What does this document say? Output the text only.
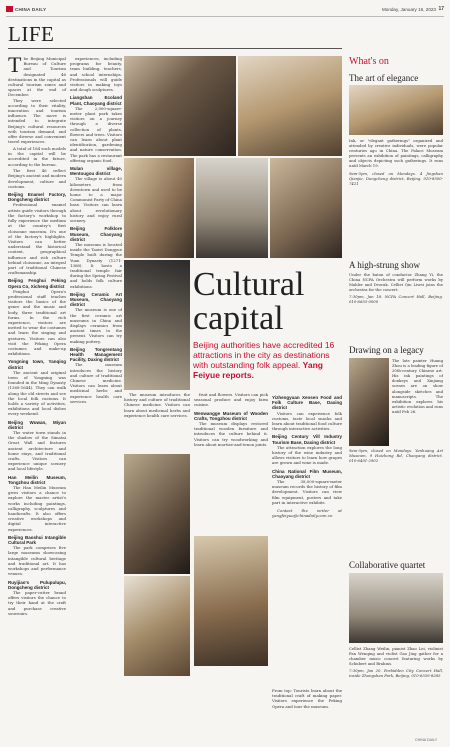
CHINA DAILY	Monday, January 16, 2023 17
LIFE
The Beijing Municipal Bureau of Culture and Tourism designated 46 destinations in the capital as cultural tourism zones and spaces at the end of December.

They were selected according to their vitality, innovation and tourism influence. The move is intended to integrate Beijing's cultural resources with tourism demand, and offer diverse and convenient travel experiences.

A total of 184 such models in the capital will be accredited in the future, according to the bureau.

The first 46 reflect Beijing's ancient and modern development, culture and customs.

Beijing Enamel Factory, Dongcheng district

Professional enamel artists guide visitors through the factory's workshop to fully experience the medium at the country's first cloisonne museum. It's one of the factory's highlights. Visitors can better understand the historical context, geographical influence and rich culture behind cloisonne, an integral part of traditional Chinese craftsmanship.

Beijing Fenghui Peking Opera Co, Xicheng district

Fenghui Opera's professional staff teaches visitors the basics of the genre and the music and body, three traditional art forms. In the rich experience, visitors are invited to wear the costumes and learn the singing and gestures. Visitors can also visit the Peking Opera costumes and make-up exhibitions.

Yongning town, Yanqing district

The ancient and original town of Yongning was founded in the Ming Dynasty (1368-1644). They can walk along the old streets and see the local folk customs. It holds a variety of activities, exhibitions and local dishes every weekend.

Beijing Wuwan, Miyun district

The water town stands in the shadow of the Simatai Great Wall and features ancient architecture and home stays, and traditional crafts. Visitors can experience unique scenery and local lifestyle.

Han Meilin Museum, Tongzhou district

The Han Meilin Museum gives visitors a chance to explore the master artist's works including paintings, calligraphy, sculptures and handicrafts. It also offers creative workshops and digital interactive experiences.

Beijing Baoshui Intangible Cultural Park

The park comprises five large museums showcasing intangible cultural heritage and traditional art. It has workshops and performance venues.

Ruyijiao's Pulupulupu, Dongcheng district

The paper-cutter brand offers visitors the chance to try their hand at the craft and purchase creative souvenirs.

experiences, including programs for beauty, team building, teachers, and school internships. Professionals will guide visitors in making toys and dough sculptures.

Liangshan Ecoland Plant, Chaoyang district

The 2,000-square-meter plant park takes visitors on a journey through a diverse collection of plants, flowers and trees. Visitors can learn about plant identification, gardening and nature conservation. The park has a restaurant offering organic food.

Mulan village, Mentougou district

The village is about 40 kilometers from downtown and used to be home to a major Communist Party of China base. Visitors can learn about revolutionary history and enjoy rural scenery.

Beijing Folklore Museum, Chaoyang district

The museum is located inside the Taoist Dongyue Temple built during the Yuan Dynasty (1271-1368). It hosts a traditional temple fair during the Spring Festival and holds folk culture exhibitions.

Beijing Ceramic Art Museum, Chaoyang district

The museum is one of the first ceramic art museums in China and displays ceramics from ancient times to the present. Visitors can try making pottery.

Beijing Tongrentang Health Management Facility, Daxing district

The museum introduces the history and culture of traditional Chinese medicine. Visitors can learn about medicinal herbs and experience health care services.

Cultural
capital
Beijing authorities have accredited 16 attractions in the city as destinations with outstanding folk appeal. Yang Feiyue reports.

The museum introduces the history and culture of traditional Chinese medicine. Visitors can learn about medicinal herbs and experience health care services.

fruit and flowers. Visitors can pick seasonal produce and enjoy farm cuisine.

Wenwangge Museum of Wooden Crafts, Tongzhou district

The museum displays restored traditional wooden furniture and introduces the culture behind it. Visitors can try woodworking and learn about mortise-and-tenon joints.

Yizhengyuan Xensen Food and Folk Culture Base, Daxing district

Visitors can experience folk customs, taste local snacks and learn about traditional food culture through interactive activities.

Beijing Century Vill Industry Tourism Base, Daxing district

The attraction explores the long history of the wine industry and allows visitors to learn how grapes are grown and wine is made.

China National Film Museum, Chaoyang district

The 38,000-square-meter museum records the history of film development. Visitors can view film equipment, posters and take part in interactive exhibits.

Contact the writer at yangfeiyue@chinadaily.com.cn

From top: Tourists learn about the traditional craft of making paper. Visitors experience the Peking Opera and tour the museum.

What's on
The art of elegance
Ink, or "elegant gatherings" organized and attended by creative individuals, were popular centuries ago in China. The Palace Museum presents an exhibition of paintings, calligraphy and objects depicting such gatherings. It runs until March 19.
9am-5pm, closed on Mondays. 4 Jingshan Qianjie, Dongcheng district, Beijing. 010-8500-7421
A high-strung show
Under the baton of conductor Zhang Yi, the China NCPA Orchestra will perform works by Mahler and Dvorak. Cellist Qin Liwei joins the orchestra for the concert.
7:30pm, Jan 18. NCPA Concert Hall, Beijing. 010-6655-0000
Drawing on a legacy
The late painter Huang Zhou is a leading figure of 20th-century Chinese art. His ink paintings of donkeys and Xinjiang scenes are on show alongside sketches and manuscripts. The exhibition explores his artistic evolution and runs until Feb 26.
9am-5pm, closed on Mondays. Yanhuang Art Museum, 9 Huizhong Rd, Chaoyang district. 010-6491-2902
Collaborative quartet
Cellist Zhang Weilin, pianist Zhao Lei, violinist Fan Wenqing and violist Gao Jing gather for a chamber music concert featuring works by Schubert and Brahms.
7:30pm, Jan 20. Forbidden City Concert Hall, inside Zhongshan Park, Beijing. 010-6559-8285
CHINA DAILY
